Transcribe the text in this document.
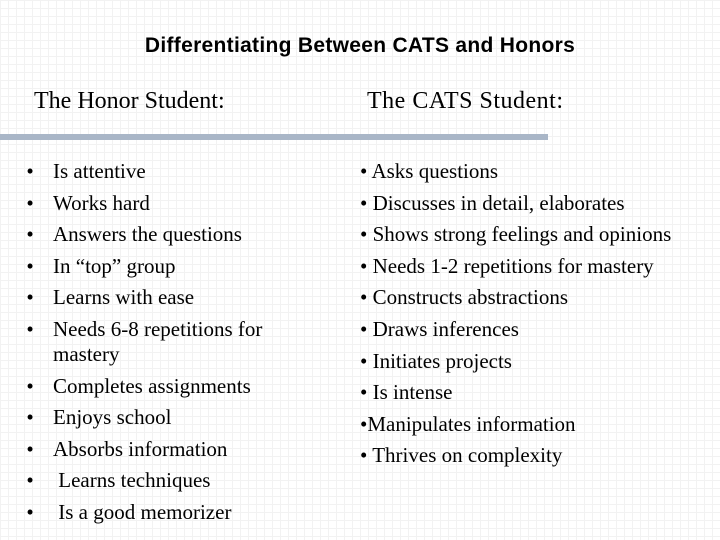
Differentiating Between CATS and Honors
The Honor Student:	The CATS Student:
• Is attentive
• Works hard
• Answers the questions
• In “top” group
• Learns with ease
• Needs 6-8 repetitions for mastery
• Completes assignments
• Enjoys school
• Absorbs information
• Learns techniques
• Is a good memorizer
• Asks questions
• Discusses in detail, elaborates
• Shows strong feelings and opinions
• Needs 1-2 repetitions for mastery
• Constructs abstractions
• Draws inferences
• Initiates projects
• Is intense
•Manipulates information
• Thrives on complexity
